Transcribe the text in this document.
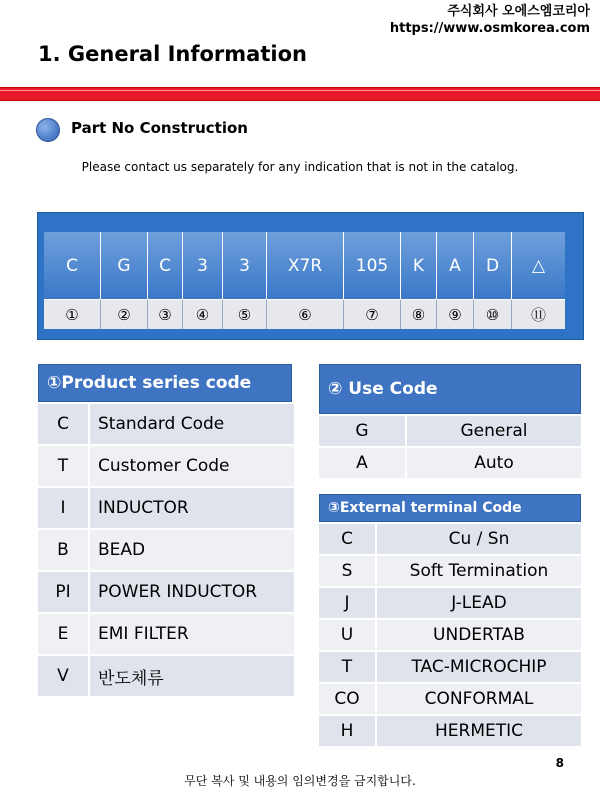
주식회사 오에스엠코리아
https://www.osmkorea.com
1. General Information
Part No Construction
Please contact us separately for any indication that is not in the catalog.
C	G	C	3	3	X7R	105	K	A	D	△
①	②	③	④	⑤	⑥	⑦	⑧	⑨	⑩	⑪
①Product series code
C	Standard Code
T	Customer Code
I	INDUCTOR
B	BEAD
PI	POWER INDUCTOR
E	EMI FILTER
V	반도체류
② Use Code
G	General
A	Auto
③External terminal Code
C	Cu / Sn
S	Soft Termination
J	J-LEAD
U	UNDERTAB
T	TAC-MICROCHIP
CO	CONFORMAL
H	HERMETIC
8
무단 복사 및 내용의 임의변경을 금지합니다.
